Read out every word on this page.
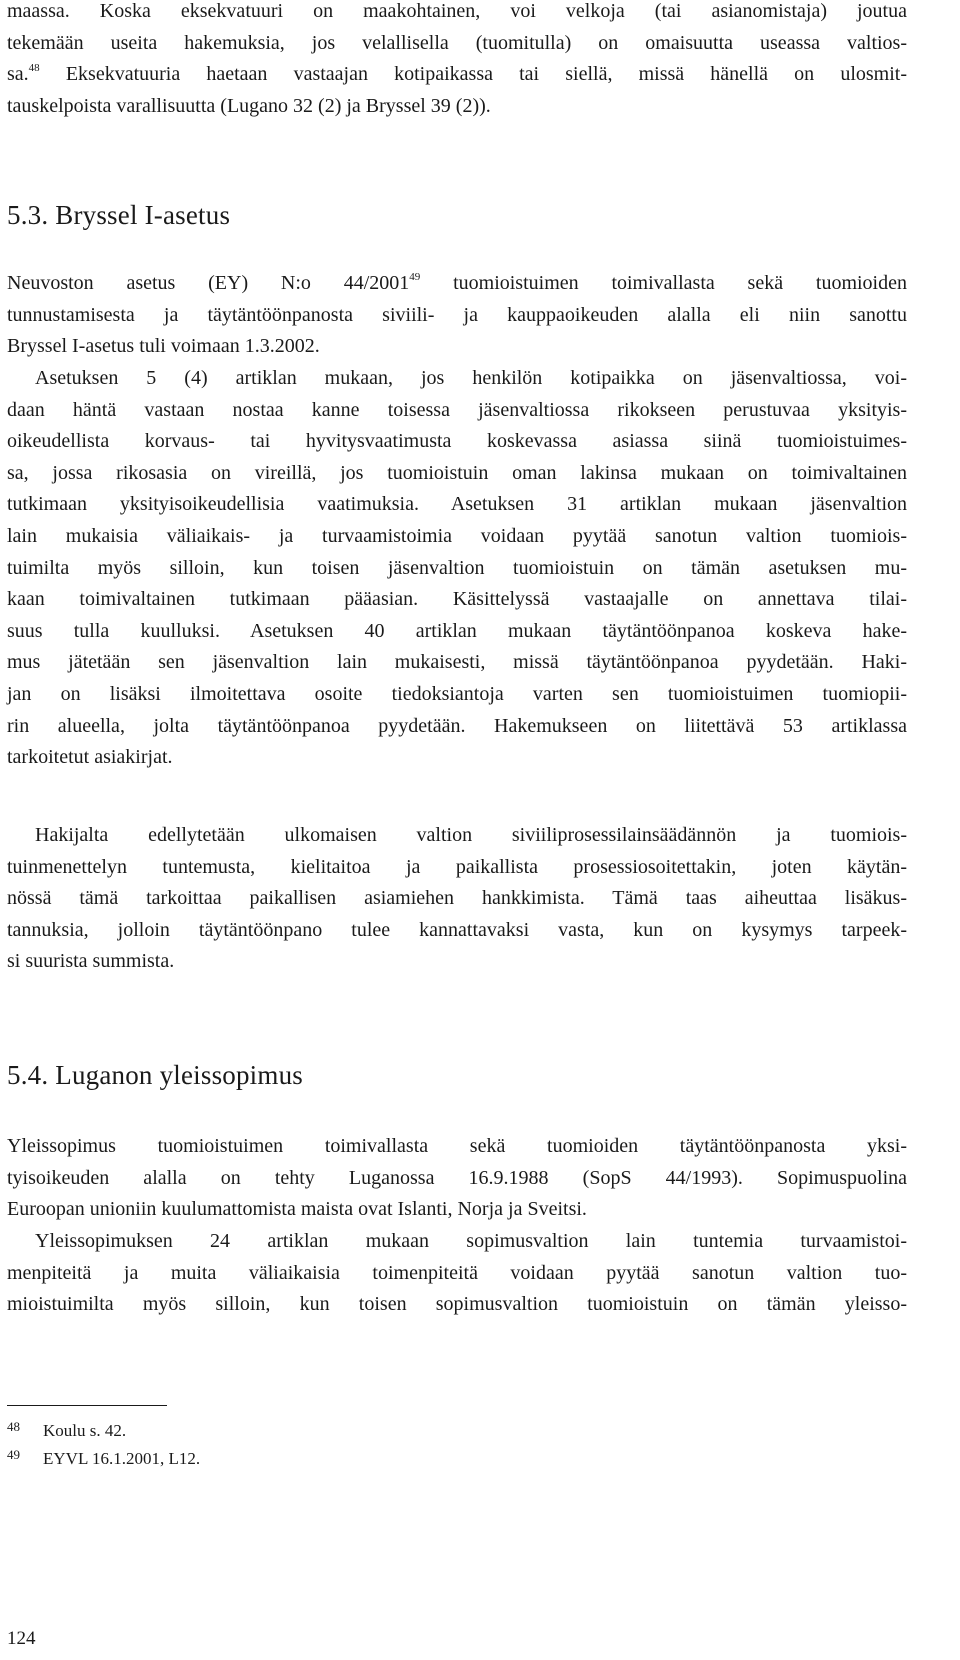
maassa. Koska eksekvatuuri on maakohtainen, voi velkoja (tai asianomistaja) joutua
tekemään useita hakemuksia, jos velallisella (tuomitulla) on omaisuutta useassa valtios-
sa.$^{48}$ Eksekvatuuria haetaan vastaajan kotipaikassa tai siellä, missä hänellä on ulosmit-
tauskelpoista varallisuutta (Lugano 32 (2) ja Bryssel 39 (2)).

5.3. Bryssel I-asetus

Neuvoston asetus (EY) N:o 44/2001$^{49}$ tuomioistuimen toimivallasta sekä tuomioiden
tunnustamisesta ja täytäntöönpanosta siviili- ja kauppaoikeuden alalla eli niin sanottu
Bryssel I-asetus tuli voimaan 1.3.2002.

Asetuksen 5 (4) artiklan mukaan, jos henkilön kotipaikka on jäsenvaltiossa, voi-
daan häntä vastaan nostaa kanne toisessa jäsenvaltiossa rikokseen perustuvaa yksityis-
oikeudellista korvaus- tai hyvitysvaatimusta koskevassa asiassa siinä tuomioistuimes-
sa, jossa rikosasia on vireillä, jos tuomioistuin oman lakinsa mukaan on toimivaltainen
tutkimaan yksityisoikeudellisia vaatimuksia. Asetuksen 31 artiklan mukaan jäsenvaltion
lain mukaisia väliaikais- ja turvaamistoimia voidaan pyytää sanotun valtion tuomiois-
tuimilta myös silloin, kun toisen jäsenvaltion tuomioistuin on tämän asetuksen mu-
kaan toimivaltainen tutkimaan pääasian. Käsittelyssä vastaajalle on annettava tilai-
suus tulla kuulluksi. Asetuksen 40 artiklan mukaan täytäntöönpanoa koskeva hake-
mus jätetään sen jäsenvaltion lain mukaisesti, missä täytäntöönpanoa pyydetään. Haki-
jan on lisäksi ilmoitettava osoite tiedoksiantoja varten sen tuomioistuimen tuomiopii-
rin alueella, jolta täytäntöönpanoa pyydetään. Hakemukseen on liitettävä 53 artiklassa
tarkoitetut asiakirjat.

Hakijalta edellytetään ulkomaisen valtion siviiliprosessilainsäädännön ja tuomiois-
tuinmenettelyn tuntemusta, kielitaitoa ja paikallista prosessiosoitettakin, joten käytän-
nössä tämä tarkoittaa paikallisen asiamiehen hankkimista. Tämä taas aiheuttaa lisäkus-
tannuksia, jolloin täytäntöönpano tulee kannattavaksi vasta, kun on kysymys tarpeek-
si suurista summista.

5.4. Luganon yleissopimus

Yleissopimus tuomioistuimen toimivallasta sekä tuomioiden täytäntöönpanosta yksi-
tyisoikeuden alalla on tehty Luganossa 16.9.1988 (SopS 44/1993). Sopimuspuolina
Euroopan unioniin kuulumattomista maista ovat Islanti, Norja ja Sveitsi.

Yleissopimuksen 24 artiklan mukaan sopimusvaltion lain tuntemia turvaamistoi-
menpiteitä ja muita väliaikaisia toimenpiteitä voidaan pyytää sanotun valtion tuo-
mioistuimilta myös silloin, kun toisen sopimusvaltion tuomioistuin on tämän yleisso-

48	Koulu s. 42.
49	EYVL 16.1.2001, L12.
124
